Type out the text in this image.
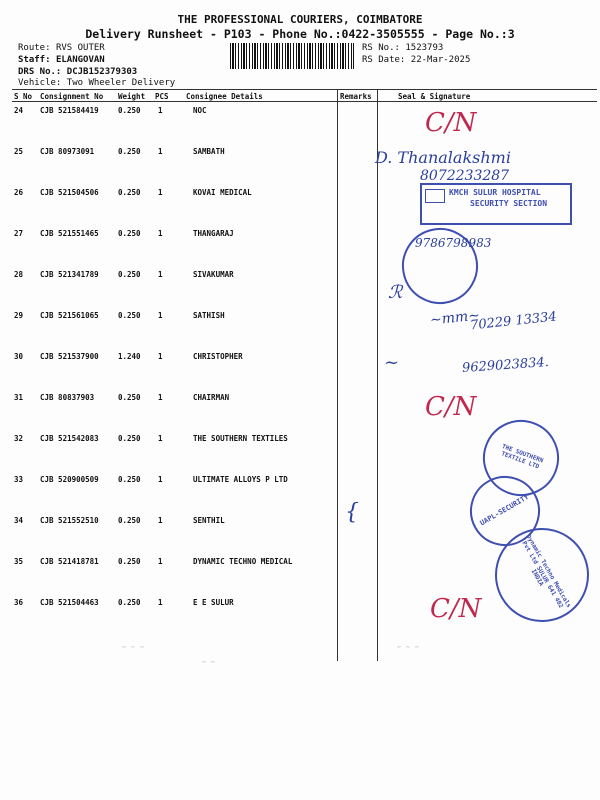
THE PROFESSIONAL COURIERS, COIMBATORE
Delivery Runsheet - P103 - Phone No.:0422-3505555 - Page No.:3
Route: RVS OUTER
Staff: ELANGOVAN
DRS No.: DCJB152379303
Vehicle: Two Wheeler Delivery
RS No.: 1523793
RS Date: 22-Mar-2025
S No Consignment No Weight PCS Consignee Details	Remarks	Seal & Signature
24 CJB 521584419	0.250 1	NOC
25 CJB 80973091	0.250 1	SAMBATH
26 CJB 521504506	0.250 1	KOVAI MEDICAL
27 CJB 521551465	0.250 1	THANGARAJ
28 CJB 521341789	0.250 1	SIVAKUMAR
29 CJB 521561065	0.250 1	SATHISH
30 CJB 521537900	1.240 1	CHRISTOPHER
31 CJB 80837903	0.250 1	CHAIRMAN
32 CJB 521542083	0.250 1	THE SOUTHERN TEXTILES
33 CJB 520900509	0.250 1	ULTIMATE ALLOYS P LTD
34 CJB 521552510	0.250 1	SENTHIL
35 CJB 521418781	0.250 1	DYNAMIC TECHNO MEDICAL
36 CJB 521504463	0.250 1	E E SULUR
C/N
D. Thanalakshmi
8072233287
KMCH SULUR HOSPITAL
SECURITY SECTION
9786798983
ℛ
~mm~
70229 13334
~	9629023834.
C/N
THE SOUTHERN TEXTILE LTD
UAPL-SECURITY
{
Dynamic Techno Medicals Pvt Ltd SULUR 641 402 INDIA
C/N
˜ ˜ ˜
˜ ˜
˜ ˜ ˜
